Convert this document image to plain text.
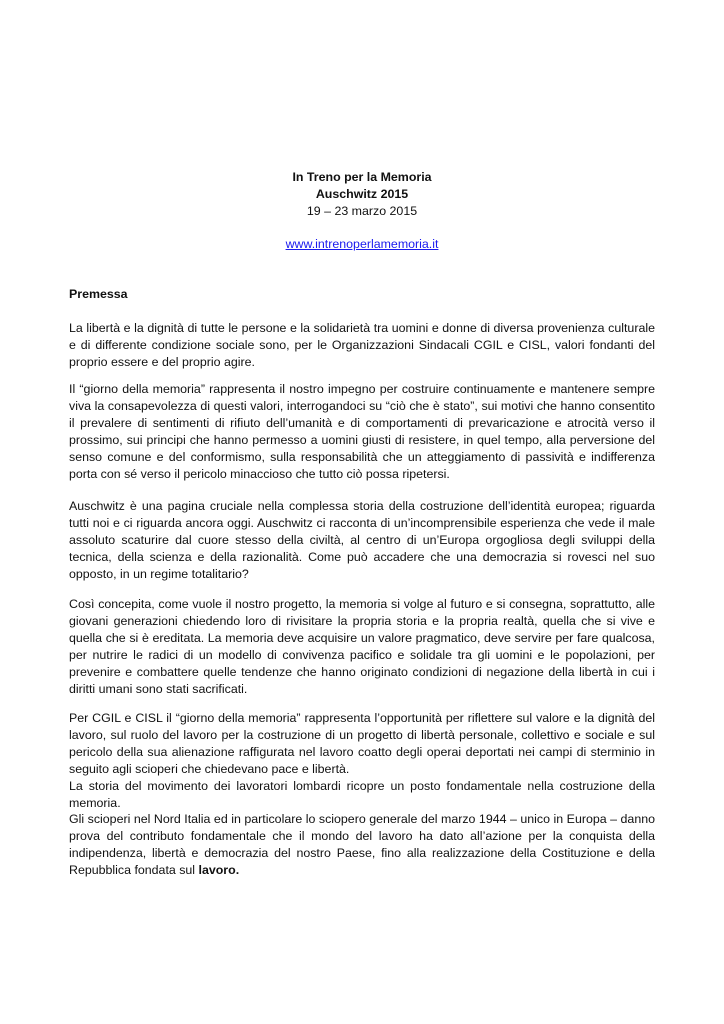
In Treno per la Memoria
Auschwitz 2015
19 – 23 marzo 2015
www.intrenoperlamemoria.it
Premessa

La libertà e la dignità di tutte le persone e la solidarietà tra uomini e donne di diversa provenienza culturale e di differente condizione sociale sono, per le Organizzazioni Sindacali CGIL e CISL, valori fondanti del proprio essere e del proprio agire.

Il “giorno della memoria” rappresenta il nostro impegno per costruire continuamente e mantenere sempre viva la consapevolezza di questi valori, interrogandoci su “ciò che è stato”, sui motivi che hanno consentito il prevalere di sentimenti di rifiuto dell’umanità e di comportamenti di prevaricazione e atrocità verso il prossimo, sui principi che hanno permesso a uomini giusti di resistere, in quel tempo, alla perversione del senso comune e del conformismo, sulla responsabilità che un atteggiamento di passività e indifferenza porta con sé verso il pericolo minaccioso che tutto ciò possa ripetersi.

Auschwitz è una pagina cruciale nella complessa storia della costruzione dell’identità europea; riguarda tutti noi e ci riguarda ancora oggi. Auschwitz ci racconta di un’incomprensibile esperienza che vede il male assoluto scaturire dal cuore stesso della civiltà, al centro di un’Europa orgogliosa degli sviluppi della tecnica, della scienza e della razionalità. Come può accadere che una democrazia si rovesci nel suo opposto, in un regime totalitario?

Così concepita, come vuole il nostro progetto, la memoria si volge al futuro e si consegna, soprattutto, alle giovani generazioni chiedendo loro di rivisitare la propria storia e la propria realtà, quella che si vive e quella che si è ereditata. La memoria deve acquisire un valore pragmatico, deve servire per fare qualcosa, per nutrire le radici di un modello di convivenza pacifico e solidale tra gli uomini e le popolazioni, per prevenire e combattere quelle tendenze che hanno originato condizioni di negazione della libertà in cui i diritti umani sono stati sacrificati.

Per CGIL e CISL il “giorno della memoria” rappresenta l’opportunità per riflettere sul valore e la dignità del lavoro, sul ruolo del lavoro per la costruzione di un progetto di libertà personale, collettivo e sociale e sul pericolo della sua alienazione raffigurata nel lavoro coatto degli operai deportati nei campi di sterminio in seguito agli scioperi che chiedevano pace e libertà.

La storia del movimento dei lavoratori lombardi ricopre un posto fondamentale nella costruzione della memoria.

Gli scioperi nel Nord Italia ed in particolare lo sciopero generale del marzo 1944 – unico in Europa – danno prova del contributo fondamentale che il mondo del lavoro ha dato all’azione per la conquista della indipendenza, libertà e democrazia del nostro Paese, fino alla realizzazione della Costituzione e della Repubblica fondata sul lavoro.
